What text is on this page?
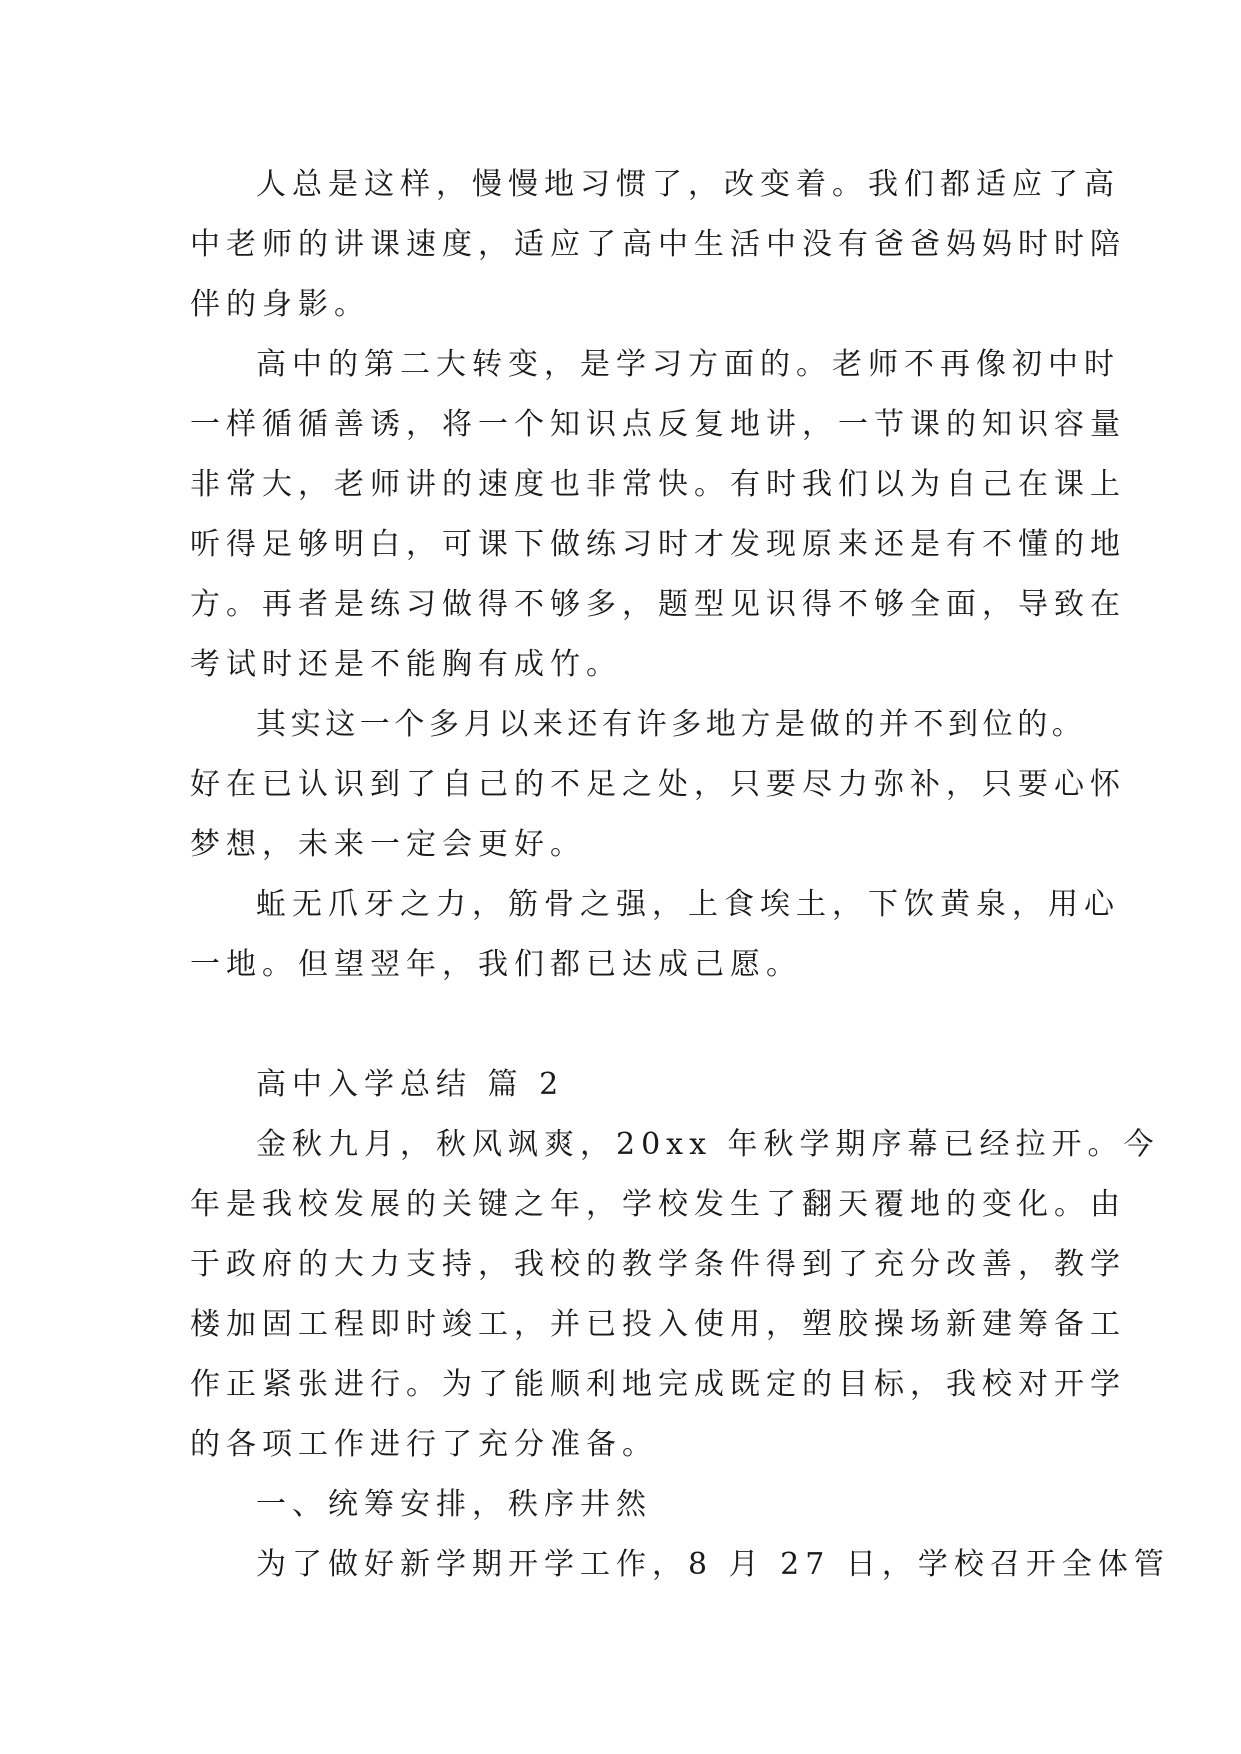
人总是这样，慢慢地习惯了，改变着。我们都适应了高
中老师的讲课速度，适应了高中生活中没有爸爸妈妈时时陪
伴的身影。
高中的第二大转变，是学习方面的。老师不再像初中时
一样循循善诱，将一个知识点反复地讲，一节课的知识容量
非常大，老师讲的速度也非常快。有时我们以为自己在课上
听得足够明白，可课下做练习时才发现原来还是有不懂的地
方。再者是练习做得不够多，题型见识得不够全面，导致在
考试时还是不能胸有成竹。
其实这一个多月以来还有许多地方是做的并不到位的。
好在已认识到了自己的不足之处，只要尽力弥补，只要心怀
梦想，未来一定会更好。
蚯无爪牙之力，筋骨之强，上食埃土，下饮黄泉，用心
一地。但望翌年，我们都已达成己愿。
高中入学总结 篇 2
金秋九月，秋风飒爽，20xx 年秋学期序幕已经拉开。今
年是我校发展的关键之年，学校发生了翻天覆地的变化。由
于政府的大力支持，我校的教学条件得到了充分改善，教学
楼加固工程即时竣工，并已投入使用，塑胶操场新建筹备工
作正紧张进行。为了能顺利地完成既定的目标，我校对开学
的各项工作进行了充分准备。
一、统筹安排，秩序井然
为了做好新学期开学工作，8 月 27 日，学校召开全体管
